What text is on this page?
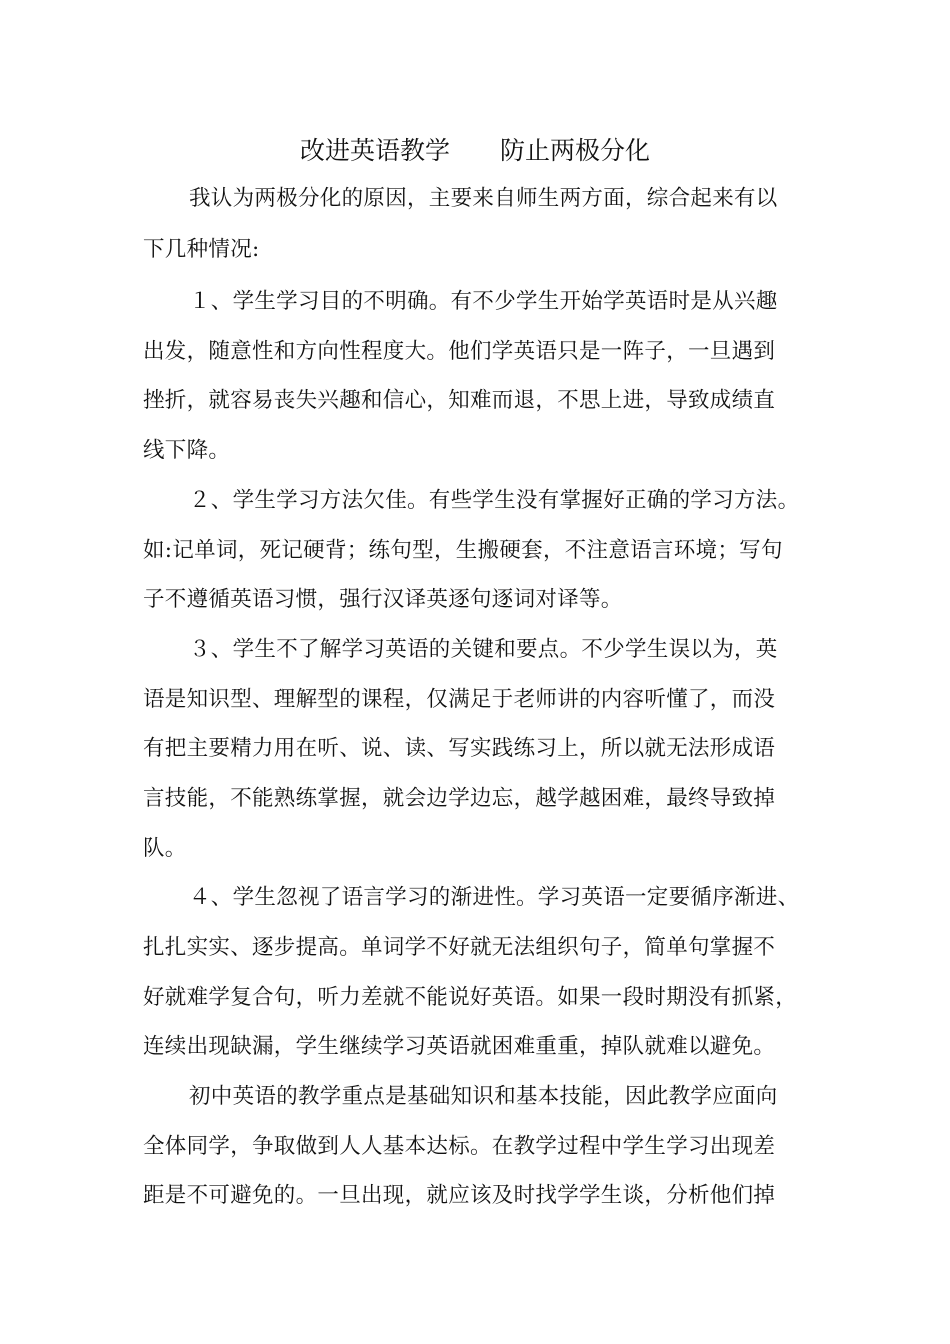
改进英语教学　　防止两极分化
我认为两极分化的原因，主要来自师生两方面，综合起来有以
下几种情况:
１、学生学习目的不明确。有不少学生开始学英语时是从兴趣
出发，随意性和方向性程度大。他们学英语只是一阵子，一旦遇到
挫折，就容易丧失兴趣和信心，知难而退，不思上进，导致成绩直
线下降。
２、学生学习方法欠佳。有些学生没有掌握好正确的学习方法。
如:记单词，死记硬背；练句型，生搬硬套，不注意语言环境；写句
子不遵循英语习惯，强行汉译英逐句逐词对译等。
３、学生不了解学习英语的关键和要点。不少学生误以为，英
语是知识型、理解型的课程，仅满足于老师讲的内容听懂了，而没
有把主要精力用在听、说、读、写实践练习上，所以就无法形成语
言技能，不能熟练掌握，就会边学边忘，越学越困难，最终导致掉
队。
４、学生忽视了语言学习的渐进性。学习英语一定要循序渐进、
扎扎实实、逐步提高。单词学不好就无法组织句子，简单句掌握不
好就难学复合句，听力差就不能说好英语。如果一段时期没有抓紧，
连续出现缺漏，学生继续学习英语就困难重重，掉队就难以避免。
初中英语的教学重点是基础知识和基本技能，因此教学应面向
全体同学，争取做到人人基本达标。在教学过程中学生学习出现差
距是不可避免的。一旦出现，就应该及时找学学生谈，分析他们掉
